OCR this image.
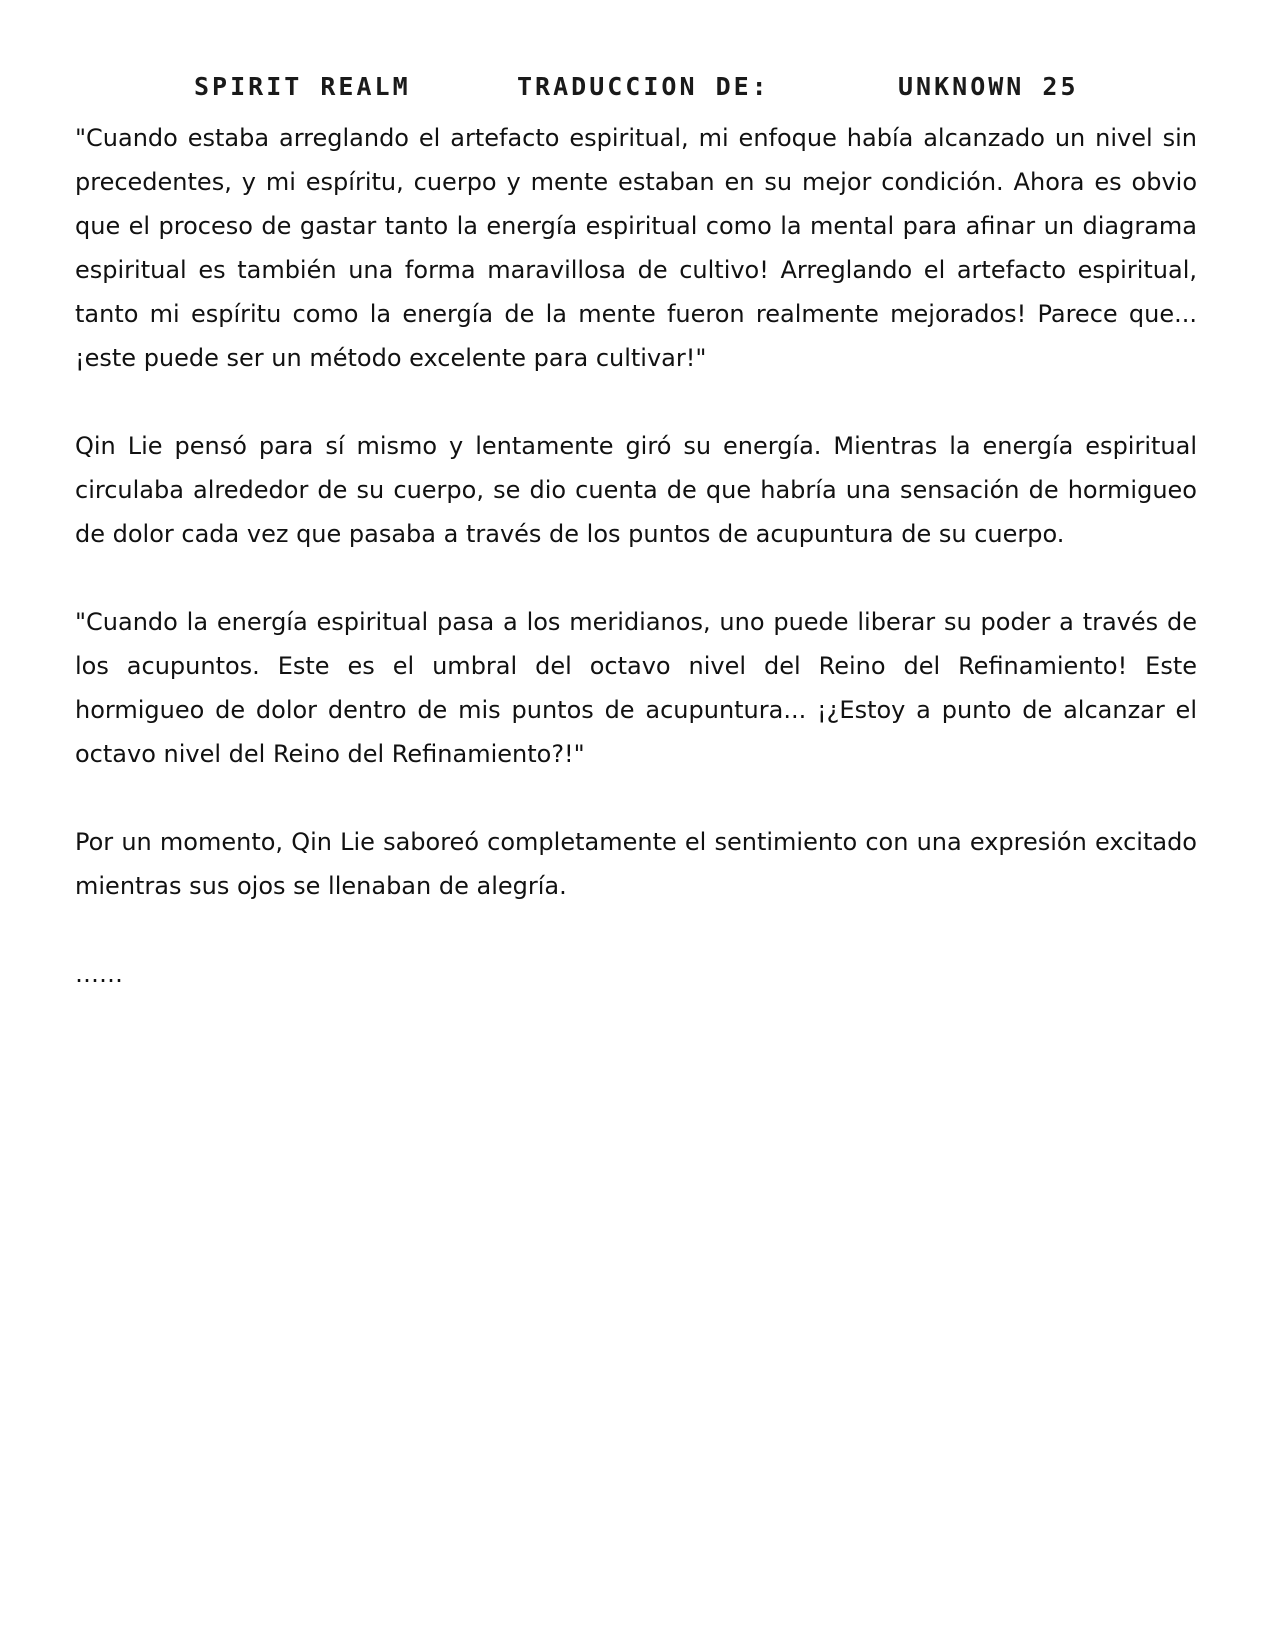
SPIRIT REALM	TRADUCCION DE:	UNKNOWN 25

"Cuando estaba arreglando el artefacto espiritual, mi enfoque había alcanzado un nivel sin precedentes, y mi espíritu, cuerpo y mente estaban en su mejor condición. Ahora es obvio que el proceso de gastar tanto la energía espiritual como la mental para afinar un diagrama espiritual es también una forma maravillosa de cultivo! Arreglando el artefacto espiritual, tanto mi espíritu como la energía de la mente fueron realmente mejorados! Parece que... ¡este puede ser un método excelente para cultivar!"

Qin Lie pensó para sí mismo y lentamente giró su energía. Mientras la energía espiritual circulaba alrededor de su cuerpo, se dio cuenta de que habría una sensación de hormigueo de dolor cada vez que pasaba a través de los puntos de acupuntura de su cuerpo.

"Cuando la energía espiritual pasa a los meridianos, uno puede liberar su poder a través de los acupuntos. Este es el umbral del octavo nivel del Reino del Refinamiento! Este hormigueo de dolor dentro de mis puntos de acupuntura... ¡¿Estoy a punto de alcanzar el octavo nivel del Reino del Refinamiento?!"

Por un momento, Qin Lie saboreó completamente el sentimiento con una expresión excitado mientras sus ojos se llenaban de alegría.

……
